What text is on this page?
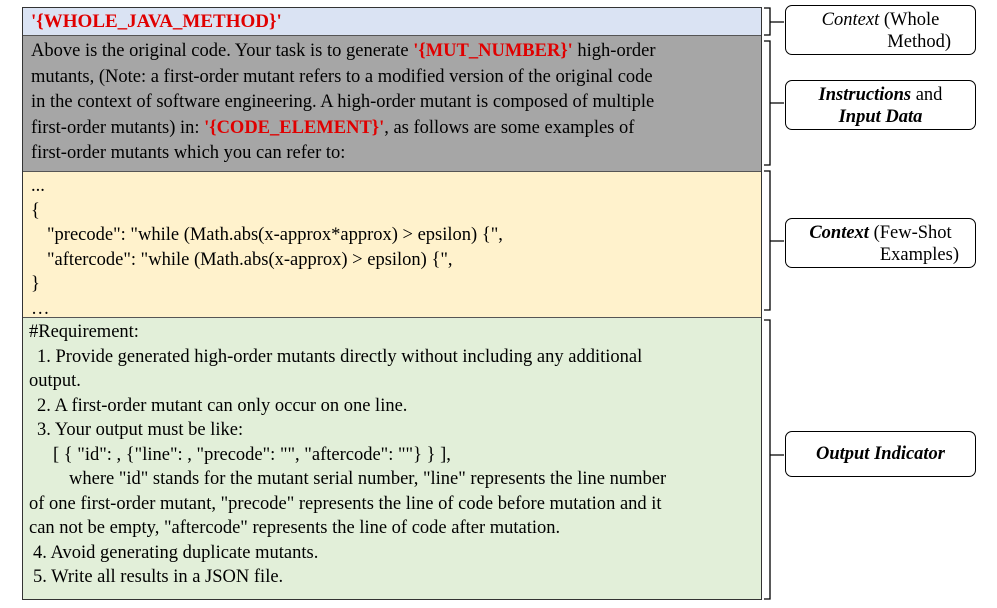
'{WHOLE_JAVA_METHOD}'
Above is the original code. Your task is to generate '{MUT_NUMBER}' high-order
mutants, (Note: a first-order mutant refers to a modified version of the original code
in the context of software engineering. A high-order mutant is composed of multiple
first-order mutants) in: '{CODE_ELEMENT}', as follows are some examples of
first-order mutants which you can refer to:
...
{
"precode": "while (Math.abs(x-approx*approx) > epsilon) {",
"aftercode": "while (Math.abs(x-approx) > epsilon) {",
}
…
#Requirement:
1. Provide generated high-order mutants directly without including any additional
output.
2. A first-order mutant can only occur on one line.
3. Your output must be like:
[ { "id": , {"line": , "precode": "", "aftercode": ""} } ],
where "id" stands for the mutant serial number, "line" represents the line number
of one first-order mutant, "precode" represents the line of code before mutation and it
can not be empty, "aftercode" represents the line of code after mutation.
4. Avoid generating duplicate mutants.
5. Write all results in a JSON file.
Context (Whole
Method)
Instructions and
Input Data
Context (Few-Shot
Examples)
Output Indicator
